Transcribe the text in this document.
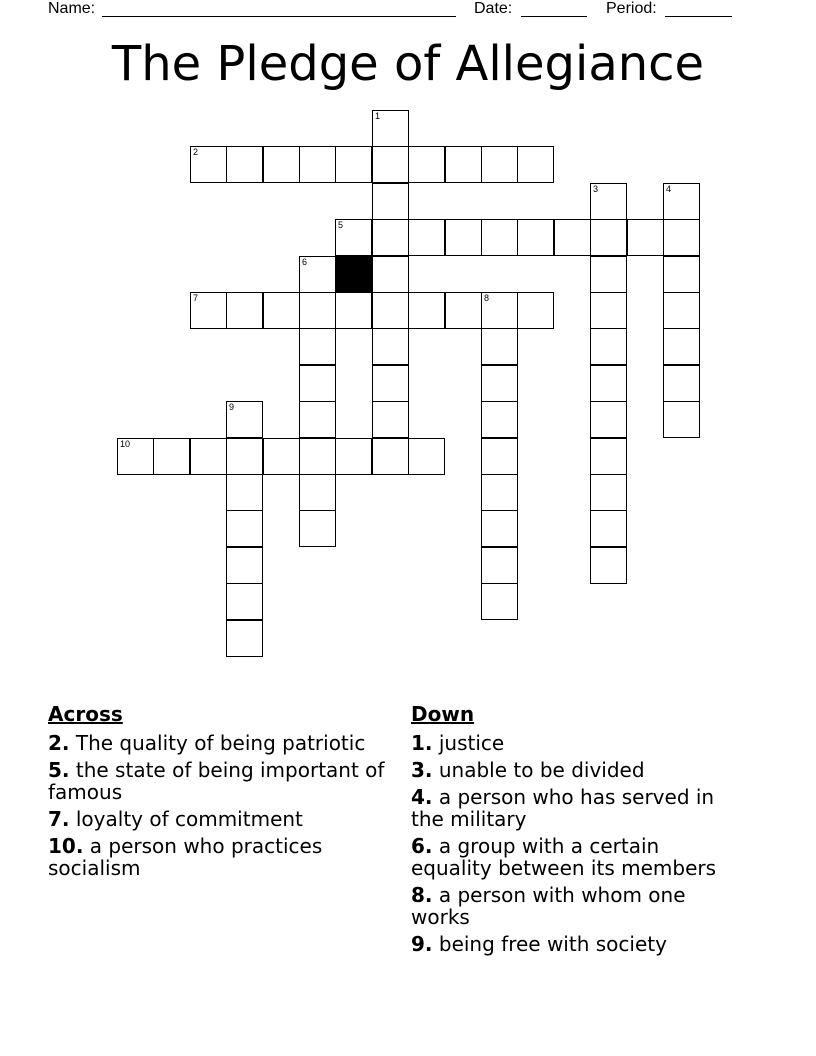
Name:	Date:	Period:
The Pledge of Allegiance
1
2
3	4
5
6
7	8
9
10
Across
2. The quality of being patriotic
5. the state of being important of famous
7. loyalty of commitment
10. a person who practices socialism
Down
1. justice
3. unable to be divided
4. a person who has served in the military
6. a group with a certain equality between its members
8. a person with whom one works
9. being free with society
